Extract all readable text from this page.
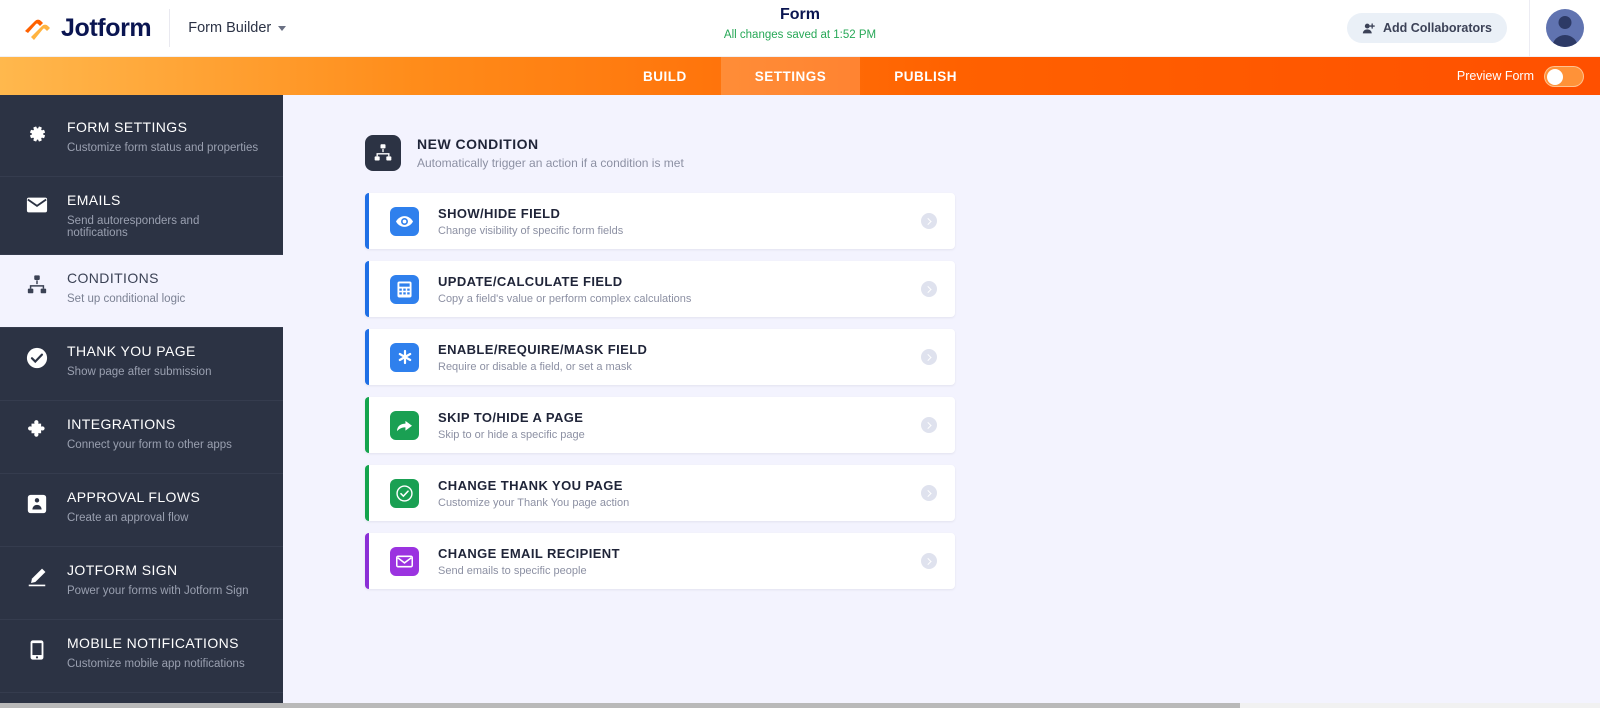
Jotform	Form Builder
Form
All changes saved at 1:52 PM	Add Collaborators
BUILD	SETTINGS	PUBLISH	Preview Form
FORM SETTINGS
Customize form status and properties
EMAILS
Send autoresponders and notifications
CONDITIONS
Set up conditional logic
THANK YOU PAGE
Show page after submission
INTEGRATIONS
Connect your form to other apps
APPROVAL FLOWS
Create an approval flow
JOTFORM SIGN
Power your forms with Jotform Sign
MOBILE NOTIFICATIONS
Customize mobile app notifications
NEW CONDITION
Automatically trigger an action if a condition is met
SHOW/HIDE FIELD
Change visibility of specific form fields
UPDATE/CALCULATE FIELD
Copy a field's value or perform complex calculations
ENABLE/REQUIRE/MASK FIELD
Require or disable a field, or set a mask
SKIP TO/HIDE A PAGE
Skip to or hide a specific page
CHANGE THANK YOU PAGE
Customize your Thank You page action
CHANGE EMAIL RECIPIENT
Send emails to specific people
